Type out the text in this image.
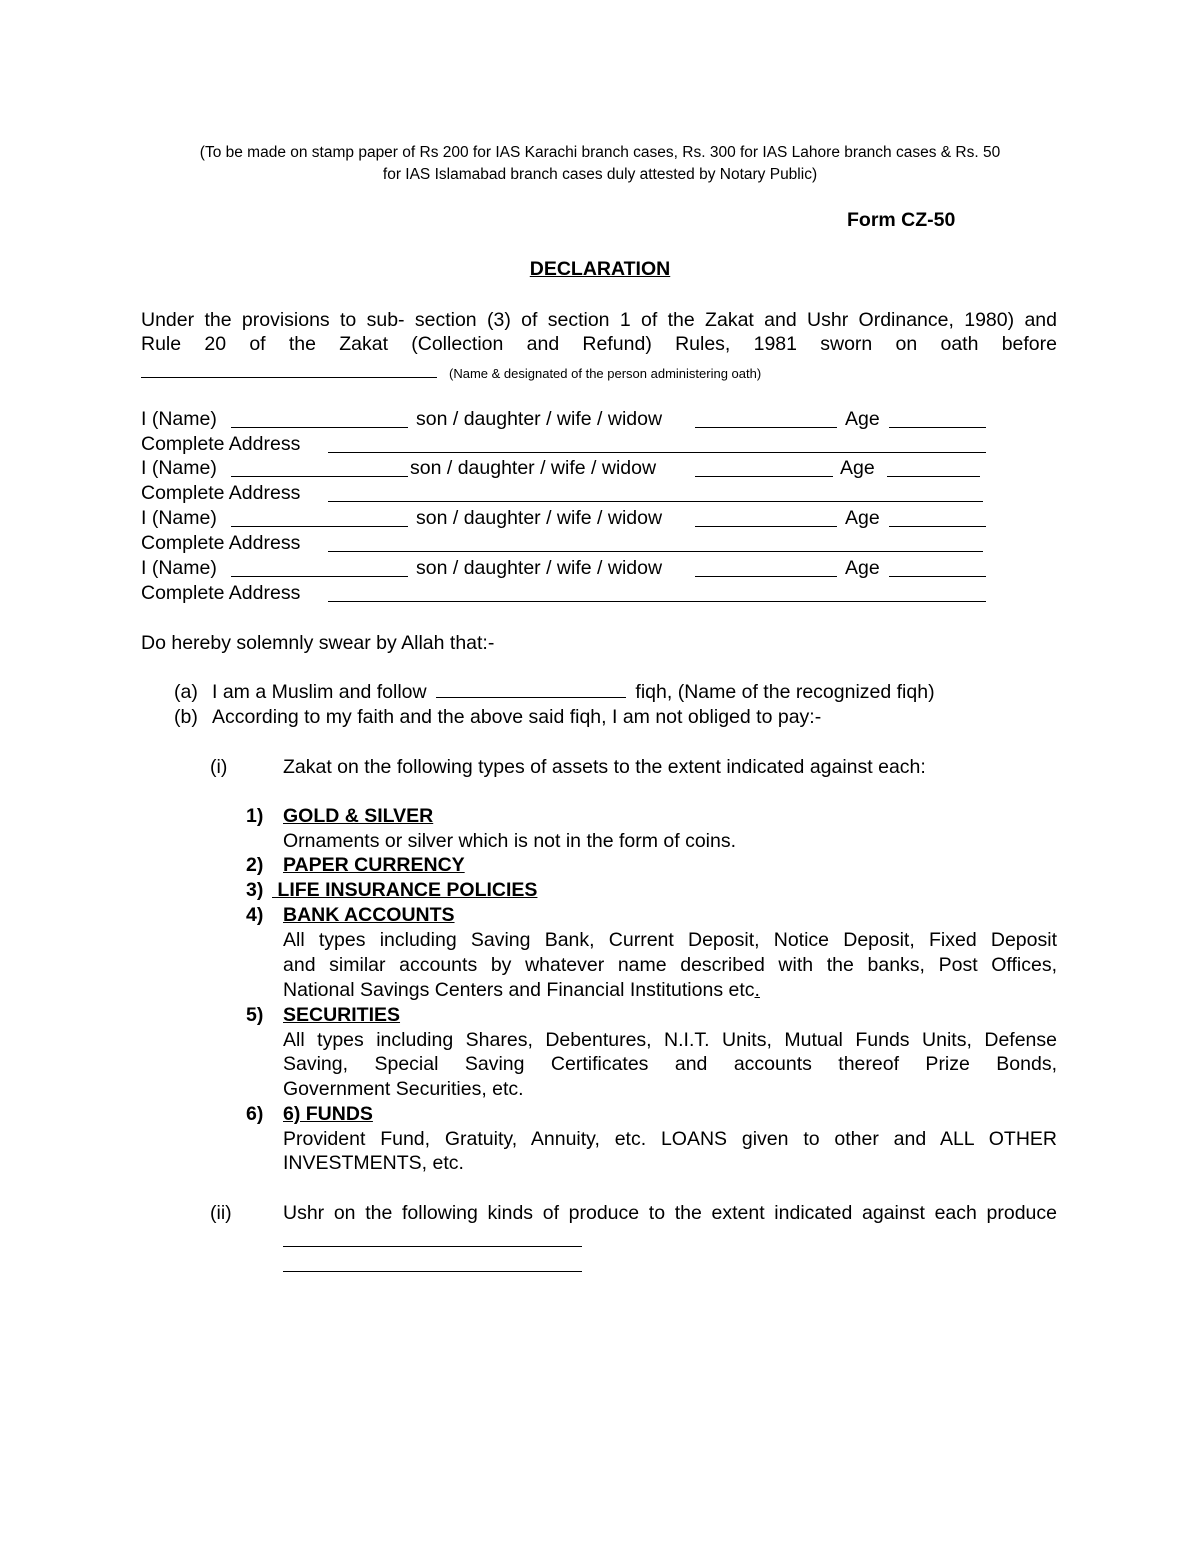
(To be made on stamp paper of Rs 200 for IAS Karachi branch cases, Rs. 300 for IAS Lahore branch cases & Rs. 50
for IAS Islamabad branch cases duly attested by Notary Public)
Form CZ-50
DECLARATION
Under the provisions to sub- section (3) of section 1 of the Zakat and Ushr Ordinance, 1980) and
Rule 20 of the Zakat (Collection and Refund) Rules, 1981 sworn on oath before
(Name & designated of the person administering oath)
I (Name)	son / daughter / wife / widow	Age
Complete Address
I (Name)	son / daughter / wife / widow	Age
Complete Address
I (Name)	son / daughter / wife / widow	Age
Complete Address
I (Name)	son / daughter / wife / widow	Age
Complete Address
Do hereby solemnly swear by Allah that:-
(a) I am a Muslim and follow	fiqh, (Name of the recognized fiqh)
(b) According to my faith and the above said fiqh, I am not obliged to pay:-
(i)	Zakat on the following types of assets to the extent indicated against each:
1) GOLD & SILVER
Ornaments or silver which is not in the form of coins.
2) PAPER CURRENCY
3) LIFE INSURANCE POLICIES
4) BANK ACCOUNTS
All types including Saving Bank, Current Deposit, Notice Deposit, Fixed Deposit
and similar accounts by whatever name described with the banks, Post Offices,
National Savings Centers and Financial Institutions etc.
5) SECURITIES
All types including Shares, Debentures, N.I.T. Units, Mutual Funds Units, Defense
Saving, Special Saving Certificates and accounts thereof Prize Bonds,
Government Securities, etc.
6) 6) FUNDS
Provident Fund, Gratuity, Annuity, etc. LOANS given to other and ALL OTHER
INVESTMENTS, etc.
(ii)	Ushr on the following kinds of produce to the extent indicated against each produce
